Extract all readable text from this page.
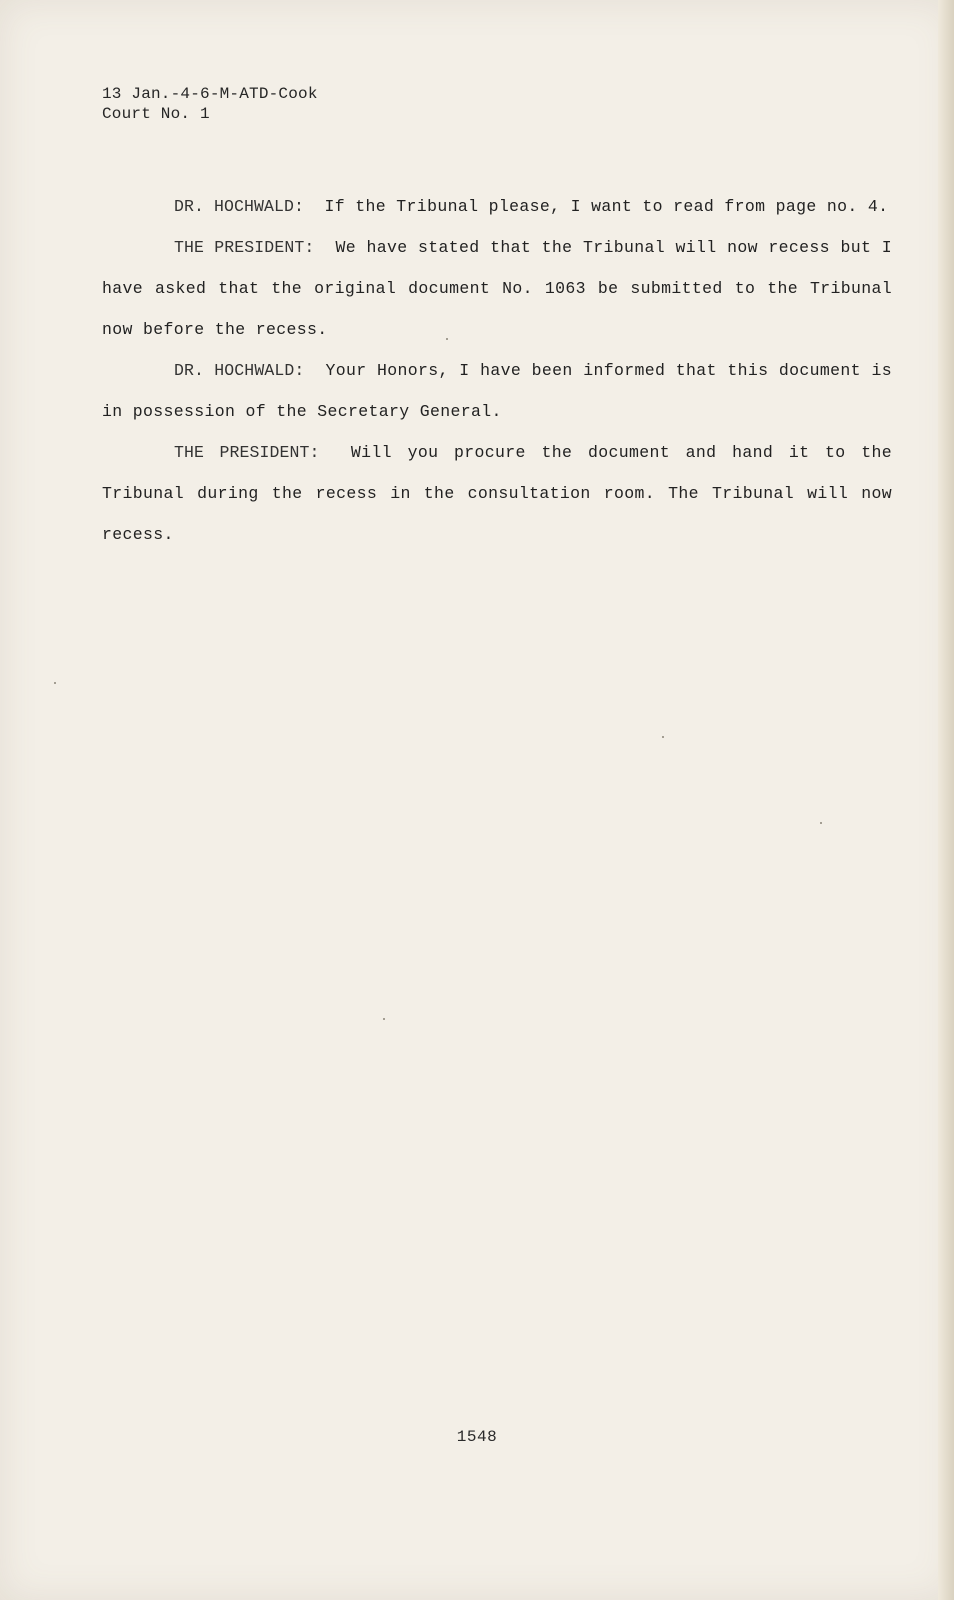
13 Jan.-4-6-M-ATD-Cook
Court No. 1

DR. HOCHWALD: If the Tribunal please, I want to read from page no. 4.

THE PRESIDENT: We have stated that the Tribunal will now recess but I have asked that the original document No. 1063 be submitted to the Tribunal now before the recess.

DR. HOCHWALD: Your Honors, I have been informed that this document is in possession of the Secretary General.

THE PRESIDENT: Will you procure the document and hand it to the Tribunal during the recess in the consultation room. The Tribunal will now recess.

1548
